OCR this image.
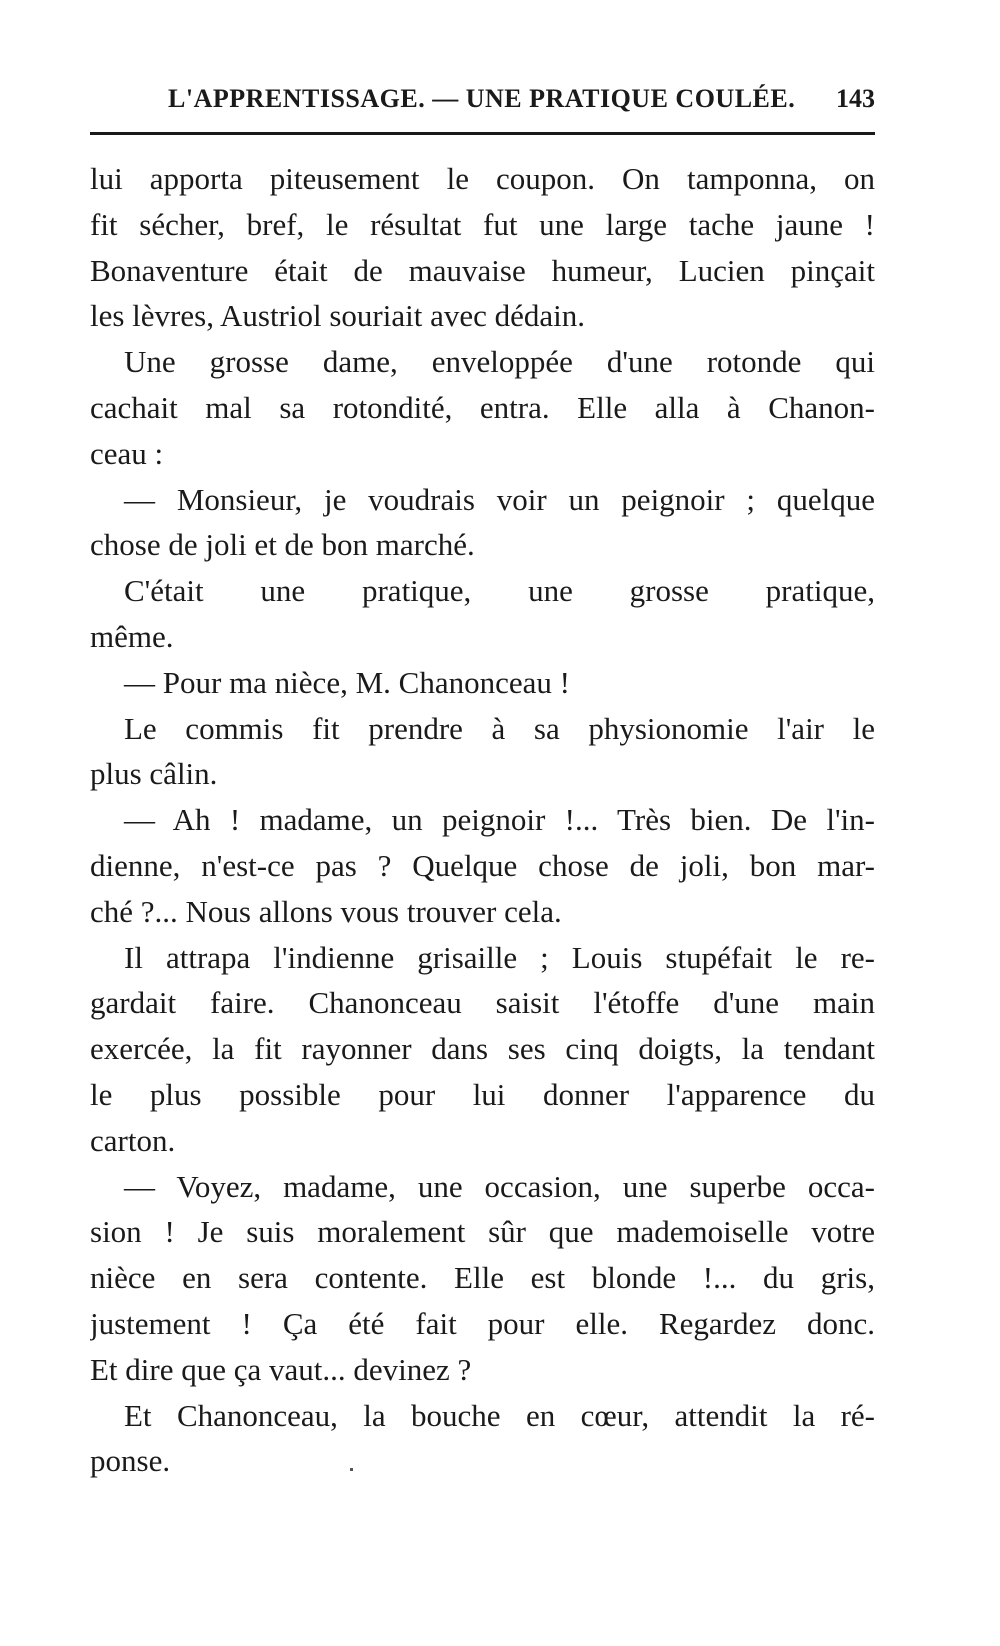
L'APPRENTISSAGE. — UNE PRATIQUE COULÉE. 143
lui apporta piteusement le coupon. On tamponna, on
fit sécher, bref, le résultat fut une large tache jaune !
Bonaventure était de mauvaise humeur, Lucien pinçait
les lèvres, Austriol souriait avec dédain.
Une grosse dame, enveloppée d'une rotonde qui
cachait mal sa rotondité, entra. Elle alla à Chanon-
ceau :
— Monsieur, je voudrais voir un peignoir ; quelque
chose de joli et de bon marché.
C'était une pratique, une grosse pratique,
même.
— Pour ma nièce, M. Chanonceau !
Le commis fit prendre à sa physionomie l'air le
plus câlin.
— Ah ! madame, un peignoir !... Très bien. De l'in-
dienne, n'est-ce pas ? Quelque chose de joli, bon mar-
ché ?... Nous allons vous trouver cela.
Il attrapa l'indienne grisaille ; Louis stupéfait le re-
gardait faire. Chanonceau saisit l'étoffe d'une main
exercée, la fit rayonner dans ses cinq doigts, la tendant
le plus possible pour lui donner l'apparence du
carton.
— Voyez, madame, une occasion, une superbe occa-
sion ! Je suis moralement sûr que mademoiselle votre
nièce en sera contente. Elle est blonde !... du gris,
justement ! Ça été fait pour elle. Regardez donc.
Et dire que ça vaut... devinez ?
Et Chanonceau, la bouche en cœur, attendit la ré-
ponse.
